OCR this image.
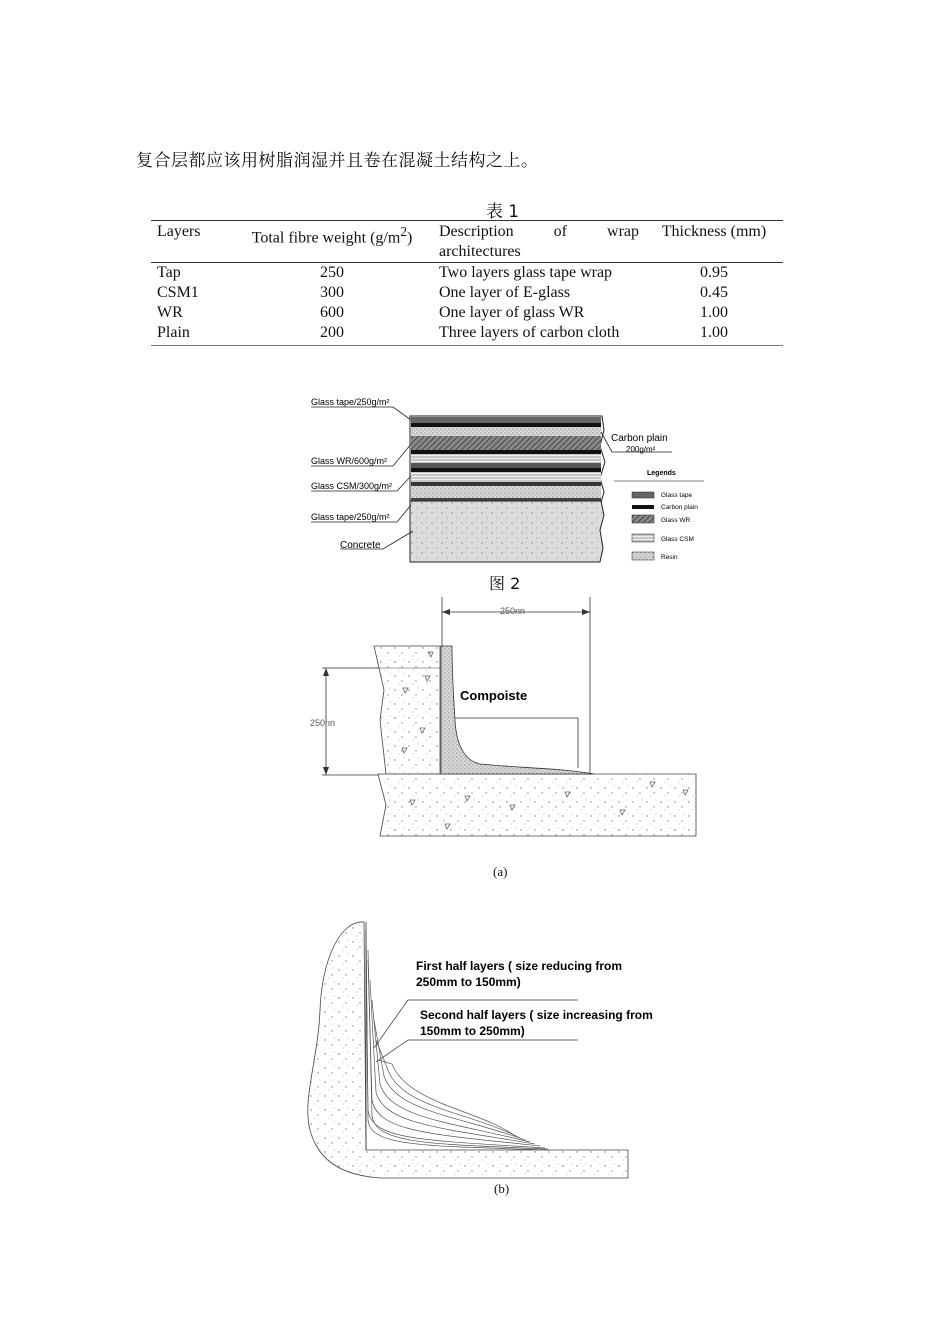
复合层都应该用树脂润湿并且卷在混凝土结构之上。
表 1
Layers	Total fibre weight $(g/m^2)$	Description of wrap architectures	Thickness (mm)
Tap	250	Two layers glass tape wrap	0.95
CSM1	300	One layer of E-glass	0.45
WR	600	One layer of glass WR	1.00
Plain	200	Three layers of carbon cloth	1.00
Glass tape/250g/m²
Glass WR/600g/m²
Glass CSM/300g/m²
Glass tape/250g/m²
Concrete
Carbon plain
200g/m²
Legends
Glass tape
Carbon plain
Glass WR
Glass CSM
Resin
250nn
250nn
Compoiste
First half layers ( size reducing from
250mm to 150mm)
Second half layers ( size increasing from
150mm to 250mm)
图 2
(a)
(b)
